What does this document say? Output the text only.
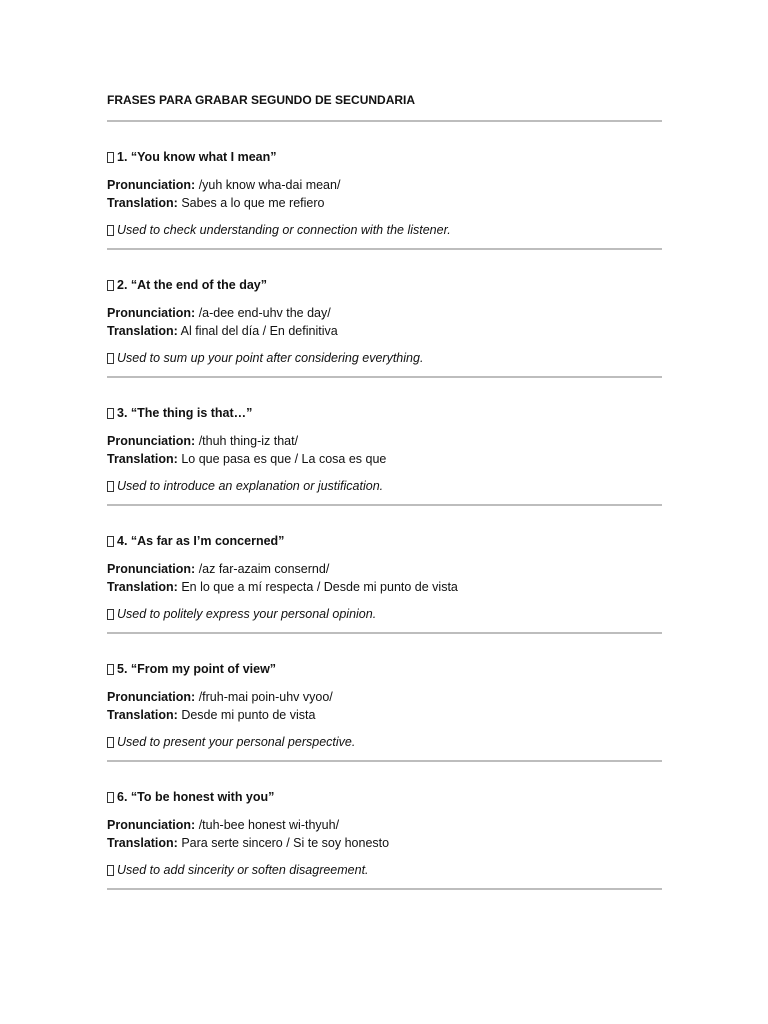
FRASES PARA GRABAR SEGUNDO DE SECUNDARIA
1. “You know what I mean”
Pronunciation: /yuh know wha-dai mean/
Translation: Sabes a lo que me refiero
Used to check understanding or connection with the listener.
2. “At the end of the day”
Pronunciation: /a-dee end-uhv the day/
Translation: Al final del día / En definitiva
Used to sum up your point after considering everything.
3. “The thing is that…”
Pronunciation: /thuh thing-iz that/
Translation: Lo que pasa es que / La cosa es que
Used to introduce an explanation or justification.
4. “As far as I’m concerned”
Pronunciation: /az far-azaim consernd/
Translation: En lo que a mí respecta / Desde mi punto de vista
Used to politely express your personal opinion.
5. “From my point of view”
Pronunciation: /fruh-mai poin-uhv vyoo/
Translation: Desde mi punto de vista
Used to present your personal perspective.
6. “To be honest with you”
Pronunciation: /tuh-bee honest wi-thyuh/
Translation: Para serte sincero / Si te soy honesto
Used to add sincerity or soften disagreement.
